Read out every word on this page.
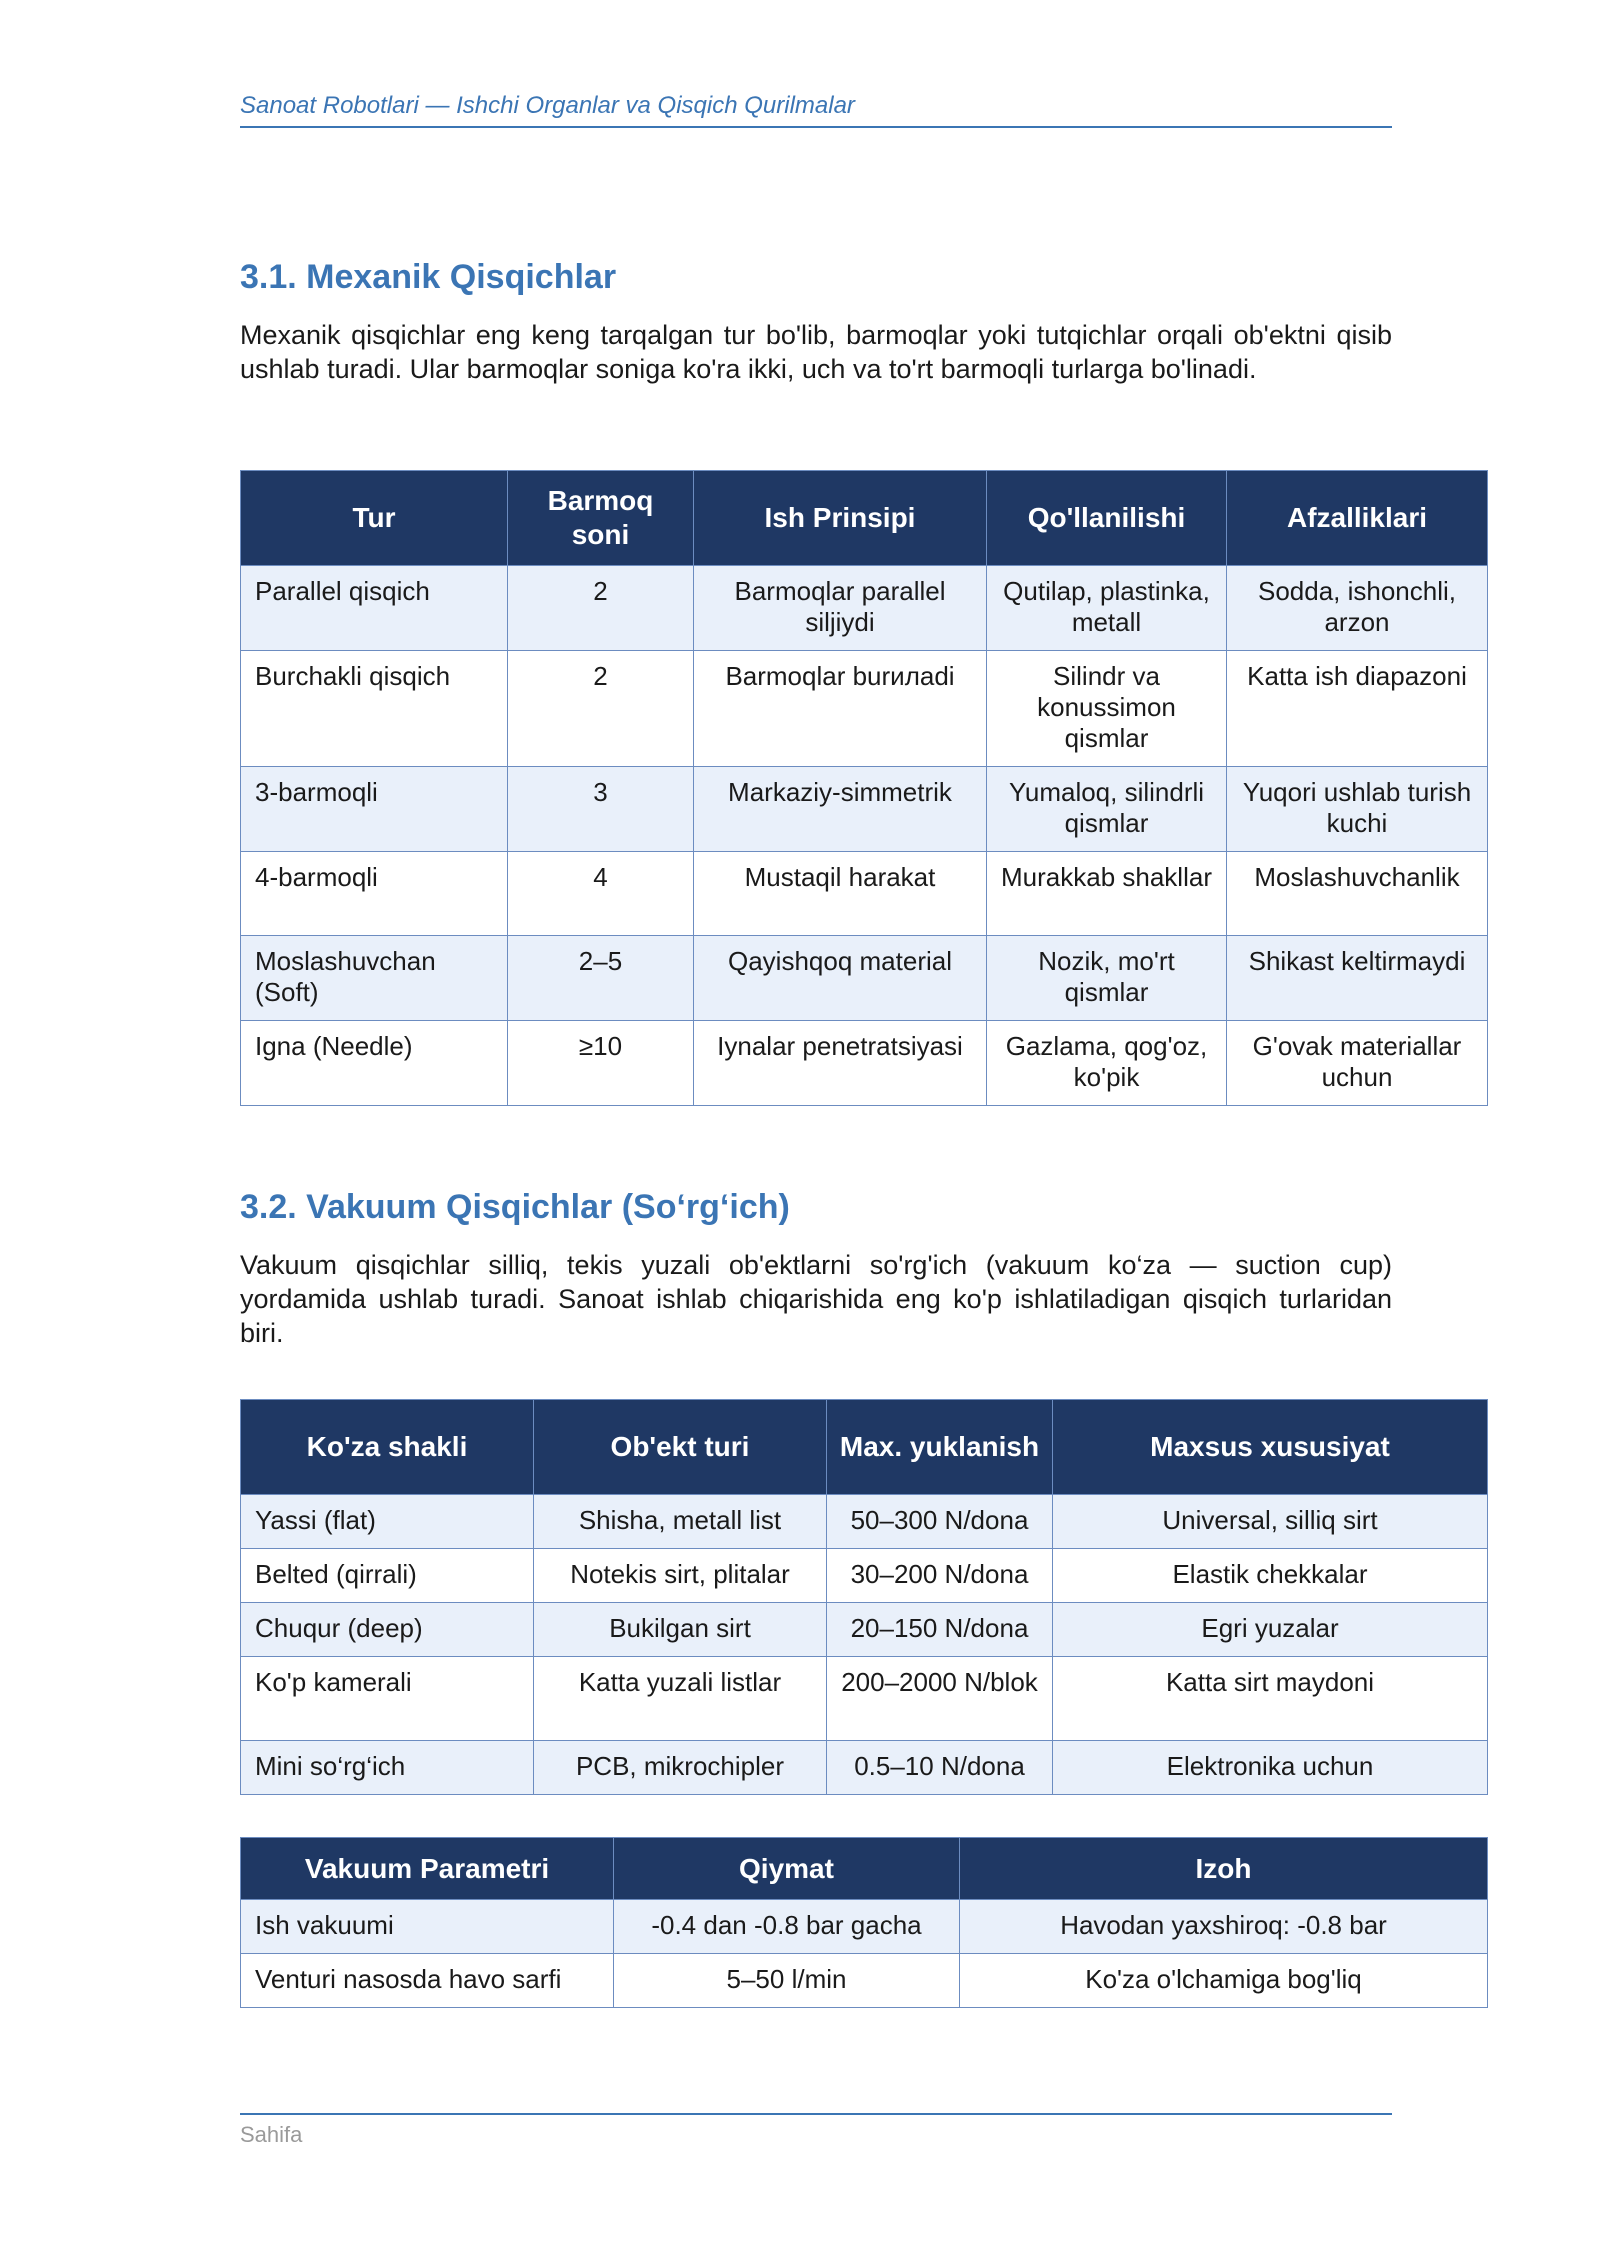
Sanoat Robotlari — Ishchi Organlar va Qisqich Qurilmalar
3.1. Mexanik Qisqichlar

Mexanik qisqichlar eng keng tarqalgan tur bo'lib, barmoqlar yoki tutqichlar orqali ob'ektni qisib ushlab turadi. Ular barmoqlar soniga ko'ra ikki, uch va to'rt barmoqli turlarga bo'linadi.

Tur	Barmoq soni	Ish Prinsipi	Qo'llanilishi	Afzalliklari
Parallel qisqich	2	Barmoqlar parallel siljiydi	Qutilap, plastinka, metall	Sodda, ishonchli, arzon
Burchakli qisqich	2	Barmoqlar burилadi	Silindr va konussimon qismlar	Katta ish diapazoni
3-barmoqli	3	Markaziy-simmetrik	Yumaloq, silindrli qismlar	Yuqori ushlab turish kuchi
4-barmoqli	4	Mustaqil harakat	Murakkab shakllar	Moslashuvchanlik
Moslashuvchan (Soft)	2–5	Qayishqoq material	Nozik, mo'rt qismlar	Shikast keltirmaydi
Igna (Needle)	≥10	Iynalar penetratsiyasi	Gazlama, qog'oz, ko'pik	G'ovak materiallar uchun
3.2. Vakuum Qisqichlar (So‘rg‘ich)

Vakuum qisqichlar silliq, tekis yuzali ob'ektlarni so'rg'ich (vakuum ko‘za — suction cup) yordamida ushlab turadi. Sanoat ishlab chiqarishida eng ko'p ishlatiladigan qisqich turlaridan biri.

Ko'za shakli	Ob'ekt turi	Max. yuklanish	Maxsus xususiyat
Yassi (flat)	Shisha, metall list	50–300 N/dona	Universal, silliq sirt
Belted (qirrali)	Notekis sirt, plitalar	30–200 N/dona	Elastik chekkalar
Chuqur (deep)	Bukilgan sirt	20–150 N/dona	Egri yuzalar
Ko'p kamerali	Katta yuzali listlar	200–2000 N/blok	Katta sirt maydoni
Mini so‘rg‘ich	PCB, mikrochipler	0.5–10 N/dona	Elektronika uchun
Vakuum Parametri	Qiymat	Izoh
Ish vakuumi	-0.4 dan -0.8 bar gacha	Havodan yaxshiroq: -0.8 bar
Venturi nasosda havo sarfi	5–50 l/min	Ko'za o'lchamiga bog'liq
Sahifa
